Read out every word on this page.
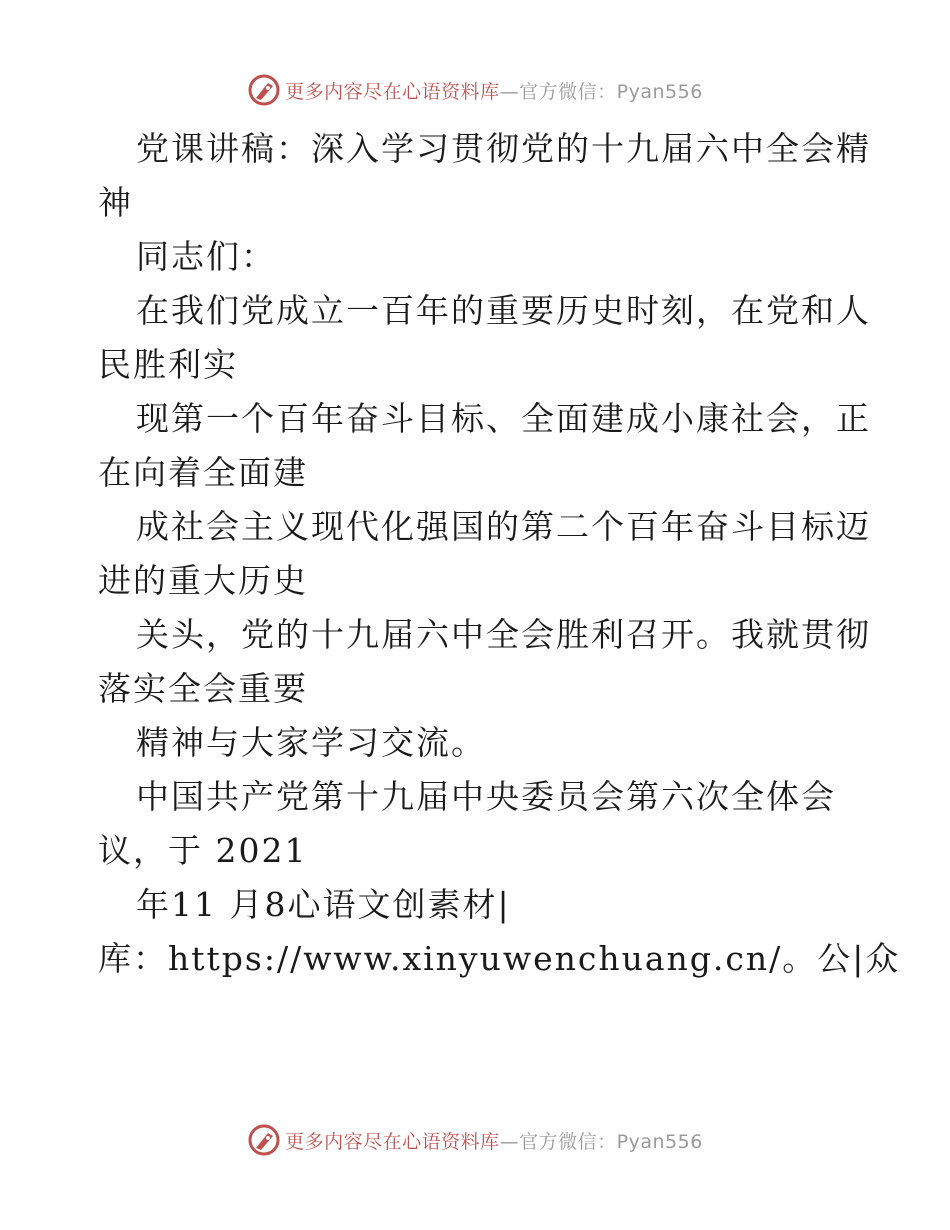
更多内容尽在心语资料库—官方微信：Pyan556
党课讲稿：深入学习贯彻党的十九届六中全会精
神
同志们：
在我们党成立一百年的重要历史时刻，在党和人
民胜利实
现第一个百年奋斗目标、全面建成小康社会，正
在向着全面建
成社会主义现代化强国的第二个百年奋斗目标迈
进的重大历史
关头，党的十九届六中全会胜利召开。我就贯彻
落实全会重要
精神与大家学习交流。
中国共产党第十九届中央委员会第六次全体会
议，于 2021
年11 月8心语文创素材|
库：https://www.xinyuwenchuang.cn/。公|众
更多内容尽在心语资料库—官方微信：Pyan556
